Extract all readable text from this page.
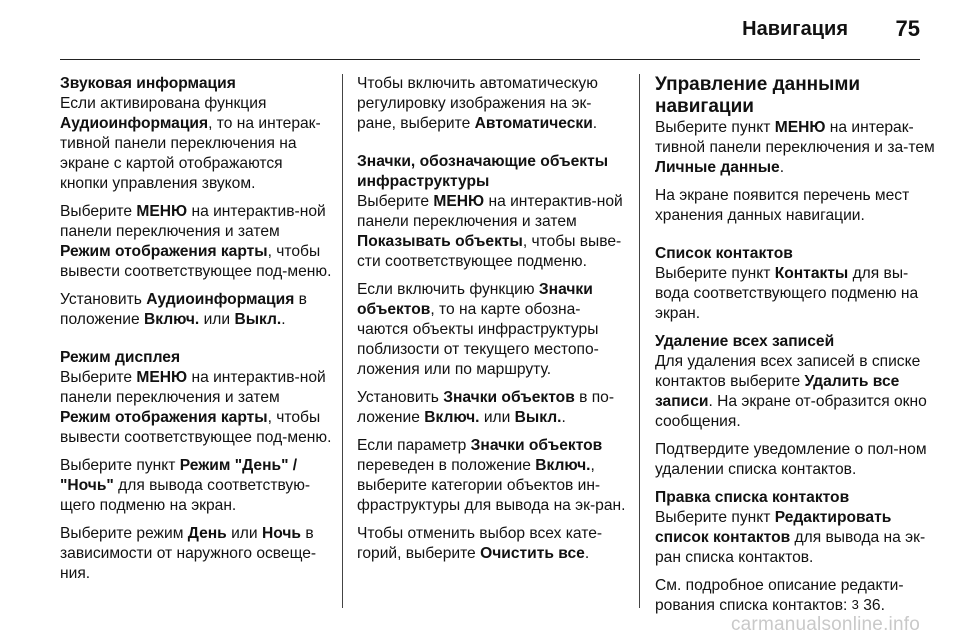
Навигация 75
Звуковая информация

Если активирована функция Аудиоинформация, то на интерак-тивной панели переключения на экране с картой отображаются кнопки управления звуком.

Выберите МЕНЮ на интерактив-ной панели переключения и затем Режим отображения карты, чтобы вывести соответствующее под-меню.

Установить Аудиоинформация в положение Включ. или Выкл..

Режим дисплея

Выберите МЕНЮ на интерактив-ной панели переключения и затем Режим отображения карты, чтобы вывести соответствующее под-меню.

Выберите пункт Режим "День" / "Ночь" для вывода соответствую-щего подменю на экран.

Выберите режим День или Ночь в зависимости от наружного освеще-ния.

Чтобы включить автоматическую регулировку изображения на эк-ране, выберите Автоматически.

Значки, обозначающие объекты инфраструктуры

Выберите МЕНЮ на интерактив-ной панели переключения и затем Показывать объекты, чтобы выве-сти соответствующее подменю.

Если включить функцию Значки объектов, то на карте обозна-чаются объекты инфраструктуры поблизости от текущего местопо-ложения или по маршруту.

Установить Значки объектов в по-ложение Включ. или Выкл..

Если параметр Значки объектов переведен в положение Включ., выберите категории объектов ин-фраструктуры для вывода на эк-ран.

Чтобы отменить выбор всех кате-горий, выберите Очистить все.

Управление данными навигации

Выберите пункт МЕНЮ на интерак-тивной панели переключения и за-тем Личные данные.

На экране появится перечень мест хранения данных навигации.

Список контактов

Выберите пункт Контакты для вы-вода соответствующего подменю на экран.

Удаление всех записей

Для удаления всех записей в списке контактов выберите Удалить все записи. На экране от-образится окно сообщения.

Подтвердите уведомление о пол-ном удалении списка контактов.

Правка списка контактов

Выберите пункт Редактировать список контактов для вывода на эк-ран списка контактов.

См. подробное описание редакти-рования списка контактов: 3 36.

carmanualsonline.info
